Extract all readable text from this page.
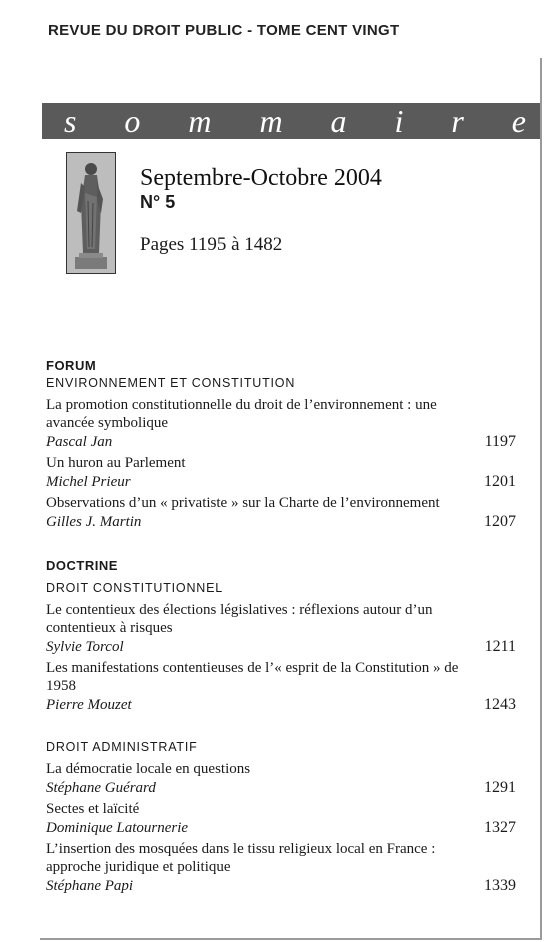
REVUE DU DROIT PUBLIC - TOME CENT VINGT
s o m m a i r e
Septembre-Octobre 2004
N° 5
Pages 1195 à 1482
FORUM
ENVIRONNEMENT ET CONSTITUTION
La promotion constitutionnelle du droit de l’environnement : une avancée symbolique
Pascal Jan	1197
Un huron au Parlement
Michel Prieur	1201
Observations d’un « privatiste » sur la Charte de l’environnement
Gilles J. Martin	1207
DOCTRINE
DROIT CONSTITUTIONNEL
Le contentieux des élections législatives : réflexions autour d’un contentieux à risques
Sylvie Torcol	1211
Les manifestations contentieuses de l’« esprit de la Constitution » de 1958
Pierre Mouzet	1243
DROIT ADMINISTRATIF
La démocratie locale en questions
Stéphane Guérard	1291
Sectes et laïcité
Dominique Latournerie	1327
L’insertion des mosquées dans le tissu religieux local en France : approche juridique et politique
Stéphane Papi	1339
